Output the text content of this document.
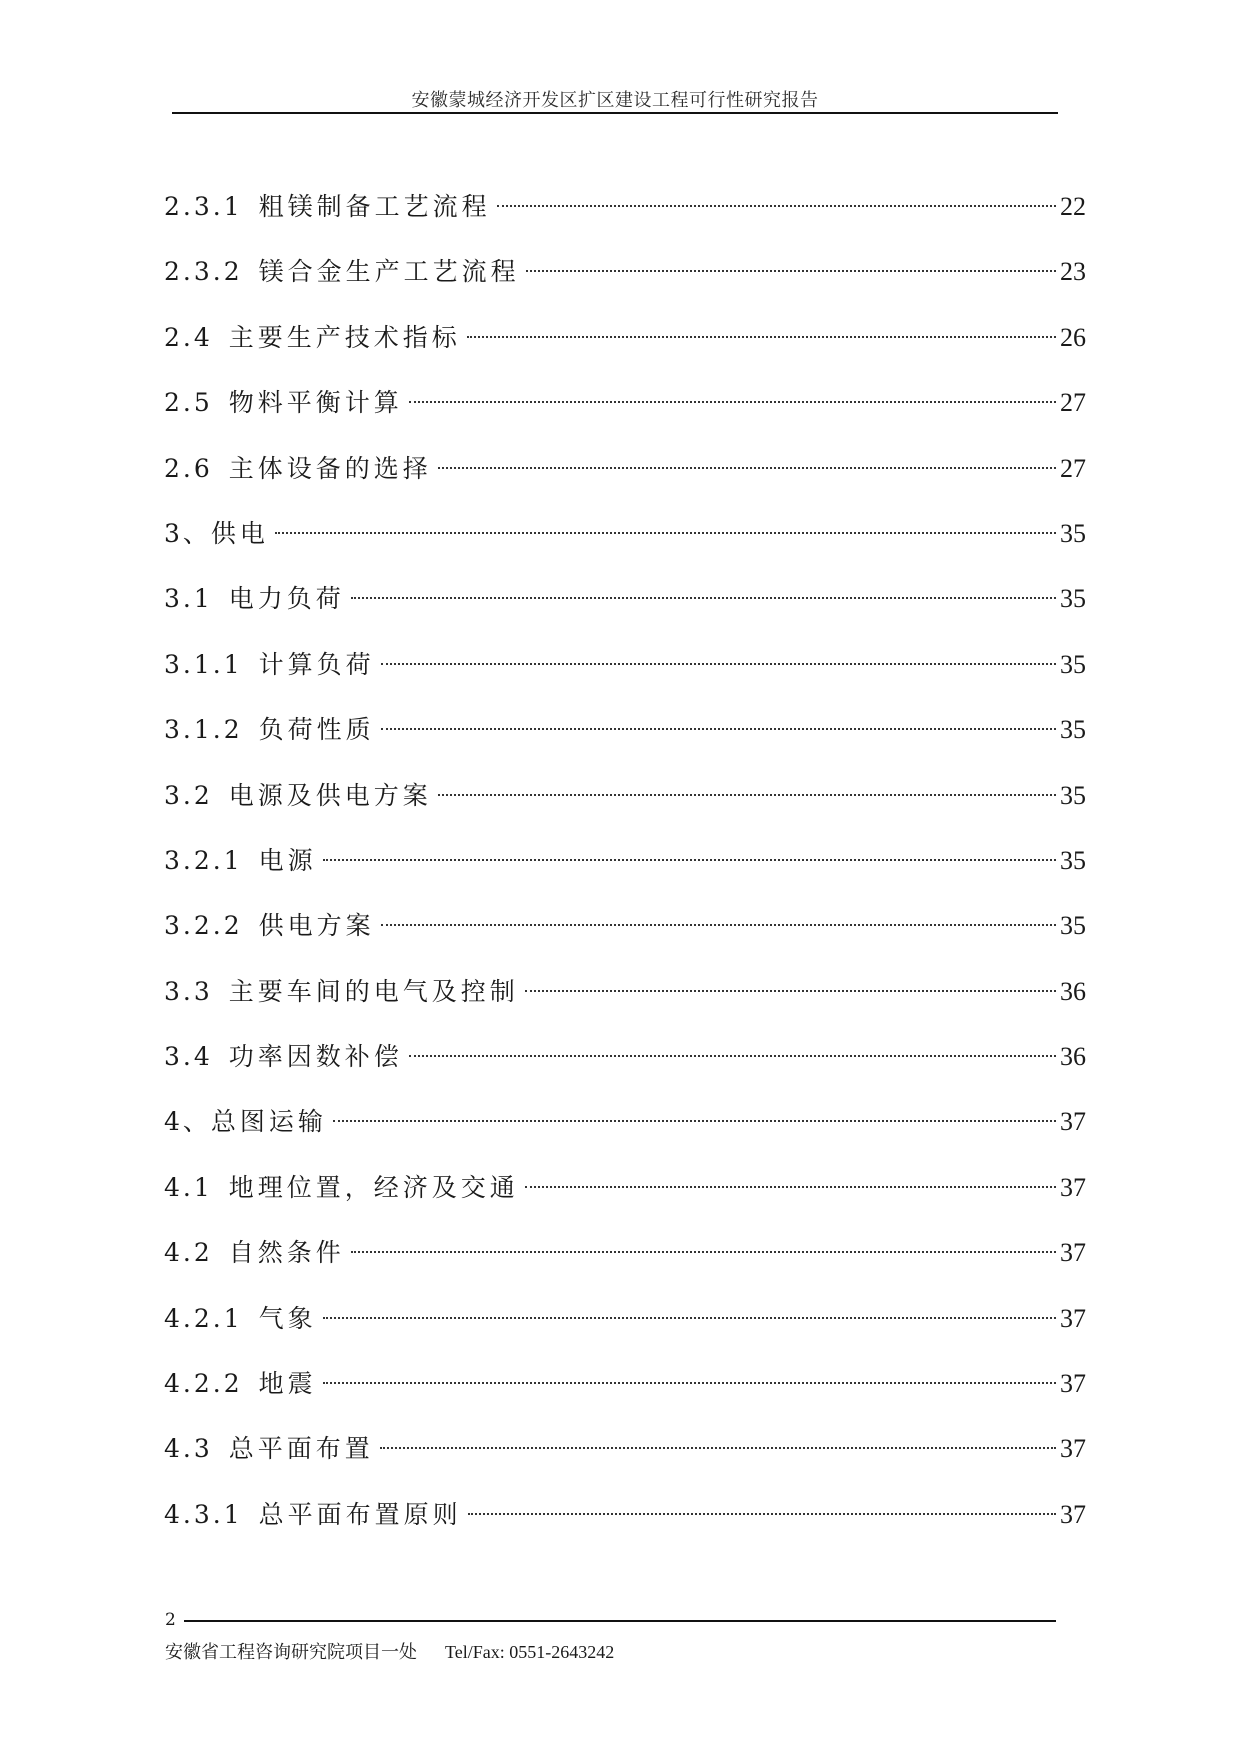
安徽蒙城经济开发区扩区建设工程可行性研究报告
2.3.1 粗镁制备工艺流程	22
2.3.2 镁合金生产工艺流程	23
2.4 主要生产技术指标	26
2.5 物料平衡计算	27
2.6 主体设备的选择	27
3、 供电	35
3.1 电力负荷	35
3.1.1 计算负荷	35
3.1.2 负荷性质	35
3.2 电源及供电方案	35
3.2.1 电源	35
3.2.2 供电方案	35
3.3 主要车间的电气及控制	36
3.4 功率因数补偿	36
4、 总图运输	37
4.1 地理位置，经济及交通	37
4.2 自然条件	37
4.2.1 气象	37
4.2.2 地震	37
4.3 总平面布置	37
4.3.1 总平面布置原则	37
2
安徽省工程咨询研究院项目一处 Tel/Fax: 0551-2643242
